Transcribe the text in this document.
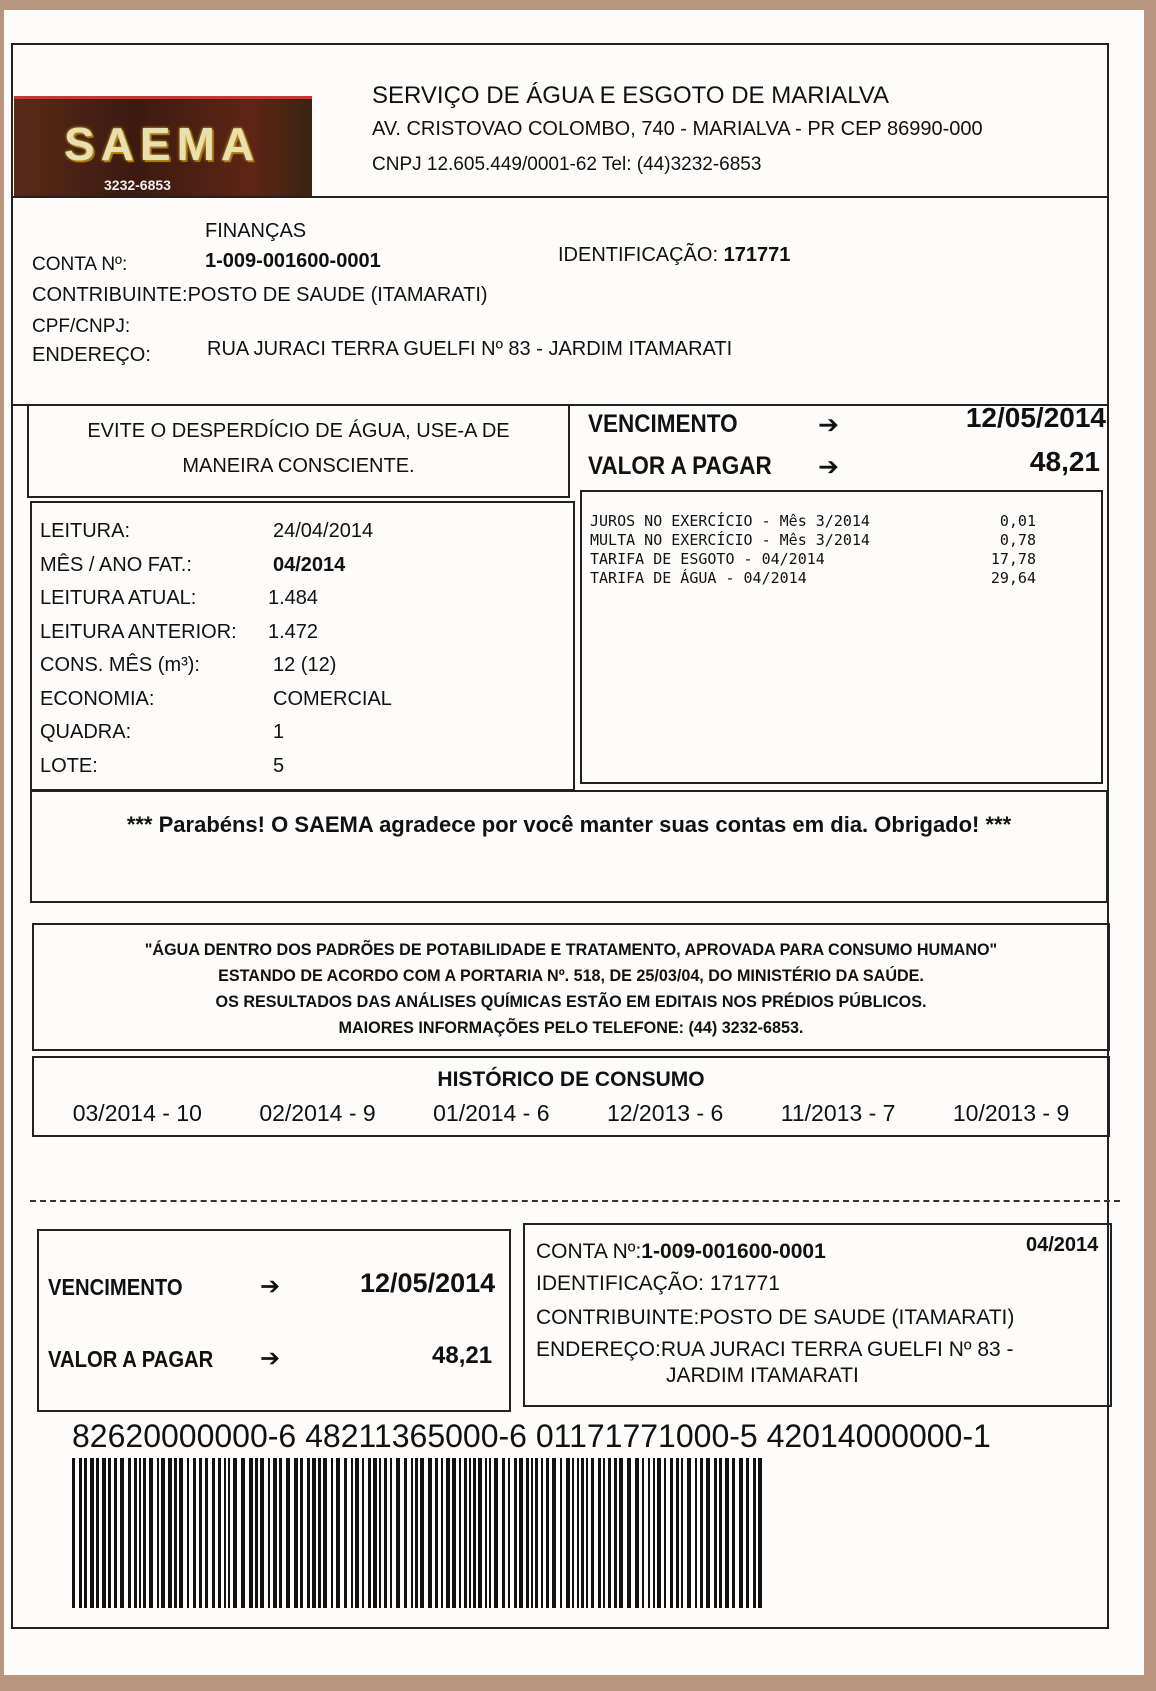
SAEMA
3232-6853
SERVIÇO DE ÁGUA E ESGOTO DE MARIALVA
AV. CRISTOVAO COLOMBO, 740 - MARIALVA - PR CEP 86990-000
CNPJ 12.605.449/0001-62 Tel: (44)3232-6853
FINANÇAS
CONTA Nº:	1-009-001600-0001	IDENTIFICAÇÃO: 171771
CONTRIBUINTE:POSTO DE SAUDE (ITAMARATI)
CPF/CNPJ:
ENDEREÇO:	RUA JURACI TERRA GUELFI Nº 83 - JARDIM ITAMARATI
EVITE O DESPERDÍCIO DE ÁGUA, USE-A DE
MANEIRA CONSCIENTE.
VENCIMENTO	➔	12/05/2014
VALOR A PAGAR ➔	48,21
LEITURA:	24/04/2014
MÊS / ANO FAT.:	04/2014
LEITURA ATUAL:	1.484
LEITURA ANTERIOR: 1.472
CONS. MÊS (m³):	12 (12)
ECONOMIA:	COMERCIAL
QUADRA:	1
LOTE:	5
JUROS NO EXERCÍCIO - Mês 3/2014	0,01
MULTA NO EXERCÍCIO - Mês 3/2014	0,78
TARIFA DE ESGOTO - 04/2014	17,78
TARIFA DE ÁGUA - 04/2014	29,64
*** Parabéns! O SAEMA agradece por você manter suas contas em dia. Obrigado! ***
"ÁGUA DENTRO DOS PADRÕES DE POTABILIDADE E TRATAMENTO, APROVADA PARA CONSUMO HUMANO"
ESTANDO DE ACORDO COM A PORTARIA Nº. 518, DE 25/03/04, DO MINISTÉRIO DA SAÚDE.
OS RESULTADOS DAS ANÁLISES QUÍMICAS ESTÃO EM EDITAIS NOS PRÉDIOS PÚBLICOS.
MAIORES INFORMAÇÕES PELO TELEFONE: (44) 3232-6853.
HISTÓRICO DE CONSUMO
03/2014 - 10 02/2014 - 9 01/2014 - 6 12/2013 - 6 11/2013 - 7 10/2013 - 9
VENCIMENTO	➔	12/05/2014
VALOR A PAGAR ➔	48,21
CONTA Nº:1-009-001600-0001	04/2014
IDENTIFICAÇÃO: 171771
CONTRIBUINTE:POSTO DE SAUDE (ITAMARATI)
ENDEREÇO:RUA JURACI TERRA GUELFI Nº 83 -
JARDIM ITAMARATI
82620000000-6 48211365000-6 01171771000-5 42014000000-1
